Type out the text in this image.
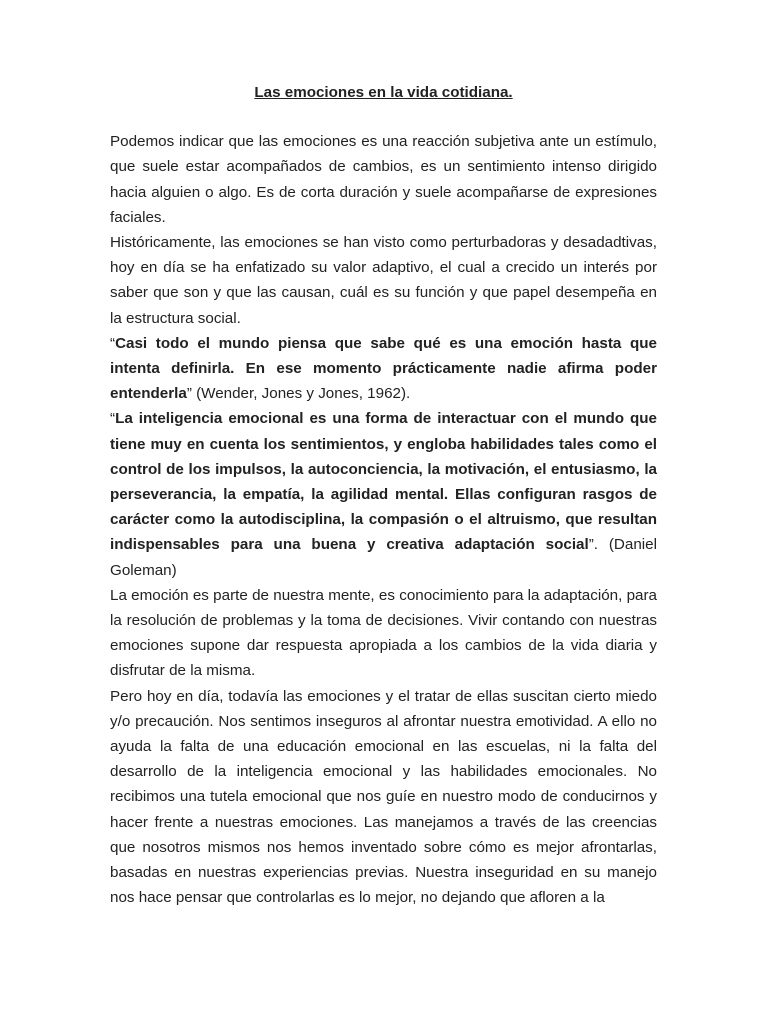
Las emociones en la vida cotidiana.

Podemos indicar que las emociones es una reacción subjetiva ante un estímulo, que suele estar acompañados de cambios, es un sentimiento intenso dirigido hacia alguien o algo. Es de corta duración y suele acompañarse de expresiones faciales.

Históricamente, las emociones se han visto como perturbadoras y desadadtivas, hoy en día se ha enfatizado su valor adaptivo, el cual a crecido un interés por saber que son y que las causan, cuál es su función y que papel desempeña en la estructura social.

“Casi todo el mundo piensa que sabe qué es una emoción hasta que intenta definirla. En ese momento prácticamente nadie afirma poder entenderla” (Wender, Jones y Jones, 1962).

“La inteligencia emocional es una forma de interactuar con el mundo que tiene muy en cuenta los sentimientos, y engloba habilidades tales como el control de los impulsos, la autoconciencia, la motivación, el entusiasmo, la perseverancia, la empatía, la agilidad mental. Ellas configuran rasgos de carácter como la autodisciplina, la compasión o el altruismo, que resultan indispensables para una buena y creativa adaptación social”. (Daniel Goleman)

La emoción es parte de nuestra mente, es conocimiento para la adaptación, para la resolución de problemas y la toma de decisiones. Vivir contando con nuestras emociones supone dar respuesta apropiada a los cambios de la vida diaria y disfrutar de la misma.

Pero hoy en día, todavía las emociones y el tratar de ellas suscitan cierto miedo y/o precaución. Nos sentimos inseguros al afrontar nuestra emotividad. A ello no ayuda la falta de una educación emocional en las escuelas, ni la falta del desarrollo de la inteligencia emocional y las habilidades emocionales. No recibimos una tutela emocional que nos guíe en nuestro modo de conducirnos y hacer frente a nuestras emociones. Las manejamos a través de las creencias que nosotros mismos nos hemos inventado sobre cómo es mejor afrontarlas, basadas en nuestras experiencias previas. Nuestra inseguridad en su manejo nos hace pensar que controlarlas es lo mejor, no dejando que afloren a la
